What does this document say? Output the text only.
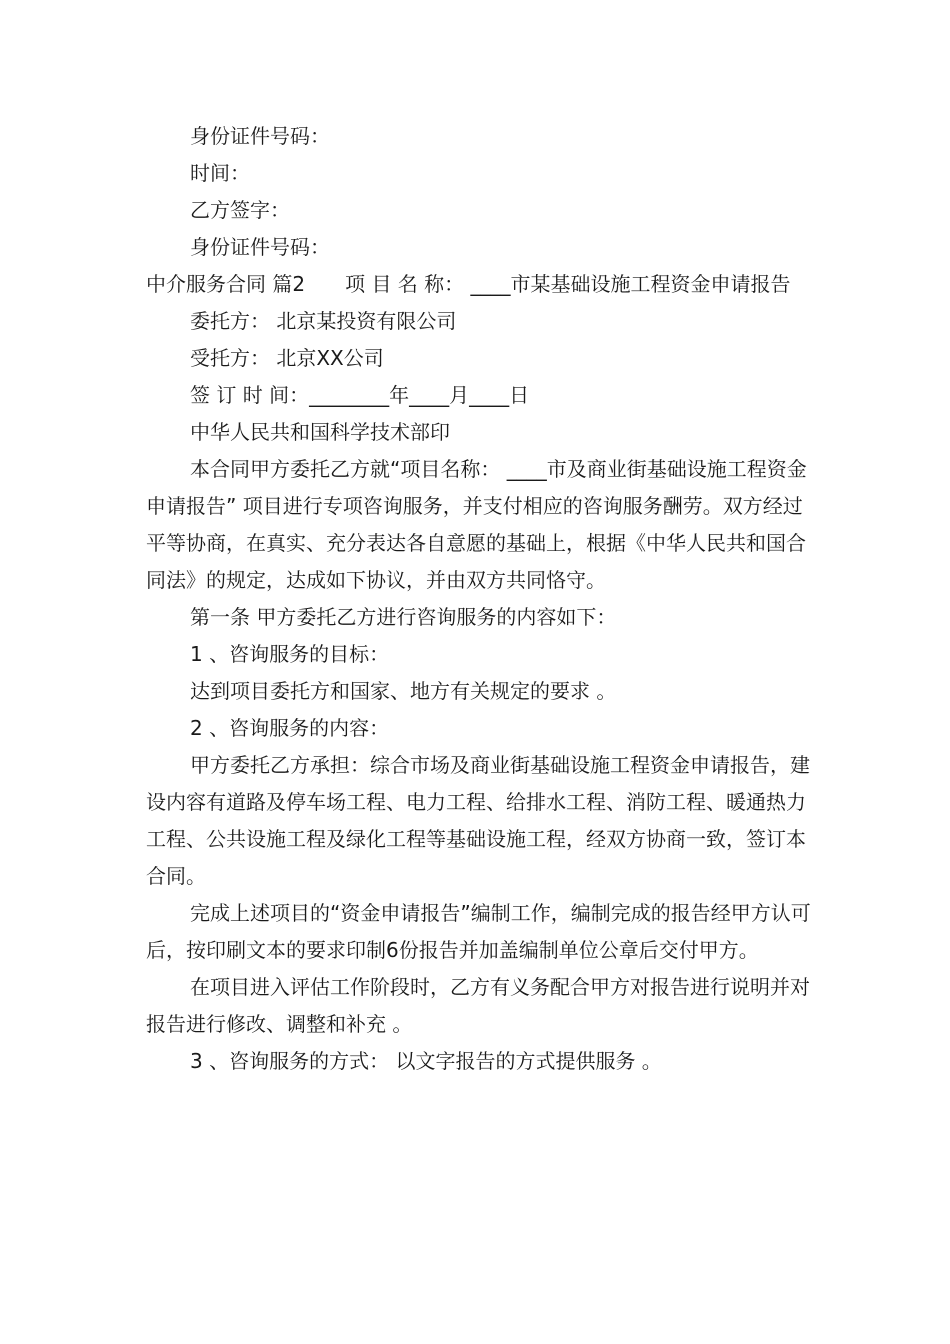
身份证件号码：

时间：

乙方签字：

身份证件号码：

中介服务合同 篇2　　项 目 名 称： ____市某基础设施工程资金申请报告

委托方： 北京某投资有限公司

受托方： 北京XX公司

签 订 时 间：________年____月____日

中华人民共和国科学技术部印

本合同甲方委托乙方就“项目名称： ____市及商业街基础设施工程资金申请报告” 项目进行专项咨询服务，并支付相应的咨询服务酬劳。双方经过平等协商，在真实、充分表达各自意愿的基础上，根据《中华人民共和国合同法》的规定，达成如下协议，并由双方共同恪守。

第一条 甲方委托乙方进行咨询服务的内容如下：

1 、咨询服务的目标：

达到项目委托方和国家、地方有关规定的要求 。

2 、咨询服务的内容：

甲方委托乙方承担：综合市场及商业街基础设施工程资金申请报告，建设内容有道路及停车场工程、电力工程、给排水工程、消防工程、暖通热力工程、公共设施工程及绿化工程等基础设施工程，经双方协商一致，签订本合同。

完成上述项目的“资金申请报告”编制工作，编制完成的报告经甲方认可后，按印刷文本的要求印制6份报告并加盖编制单位公章后交付甲方。

在项目进入评估工作阶段时，乙方有义务配合甲方对报告进行说明并对报告进行修改、调整和补充 。

3 、咨询服务的方式： 以文字报告的方式提供服务 。
